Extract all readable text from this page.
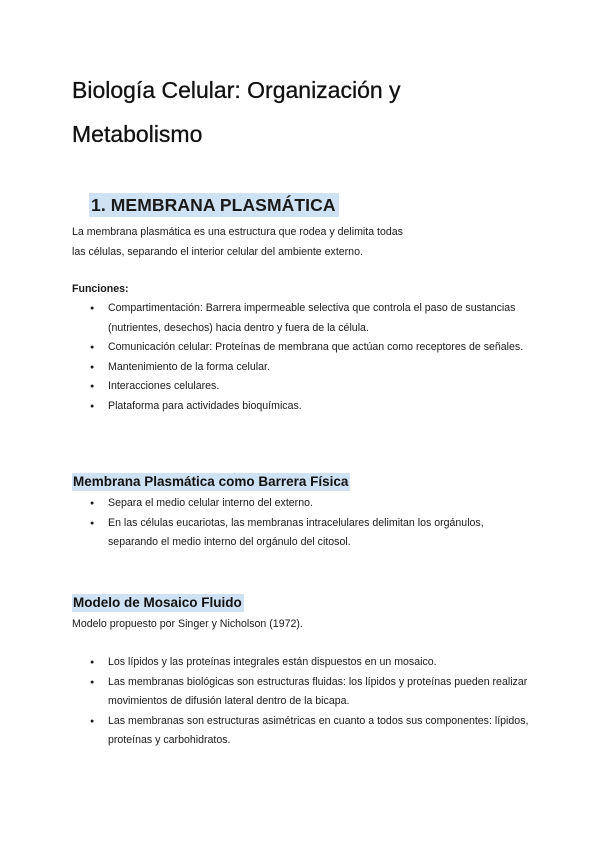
Biología Celular: Organización y
Metabolismo
1. MEMBRANA PLASMÁTICA

La membrana plasmática es una estructura que rodea y delimita todas
las células, separando el interior celular del ambiente externo.

Funciones:

● Compartimentación: Barrera impermeable selectiva que controla el paso de sustancias (nutrientes, desechos) hacia dentro y fuera de la célula.
● Comunicación celular: Proteínas de membrana que actúan como receptores de señales.
● Mantenimiento de la forma celular.
● Interacciones celulares.
● Plataforma para actividades bioquímicas.
Membrana Plasmática como Barrera Física
● Separa el medio celular interno del externo.
● En las células eucariotas, las membranas intracelulares delimitan los orgánulos, separando el medio interno del orgánulo del citosol.
Modelo de Mosaico Fluido

Modelo propuesto por Singer y Nicholson (1972).

● Los lípidos y las proteínas integrales están dispuestos en un mosaico.
● Las membranas biológicas son estructuras fluidas: los lípidos y proteínas pueden realizar movimientos de difusión lateral dentro de la bicapa.
● Las membranas son estructuras asimétricas en cuanto a todos sus componentes: lípidos, proteínas y carbohidratos.
